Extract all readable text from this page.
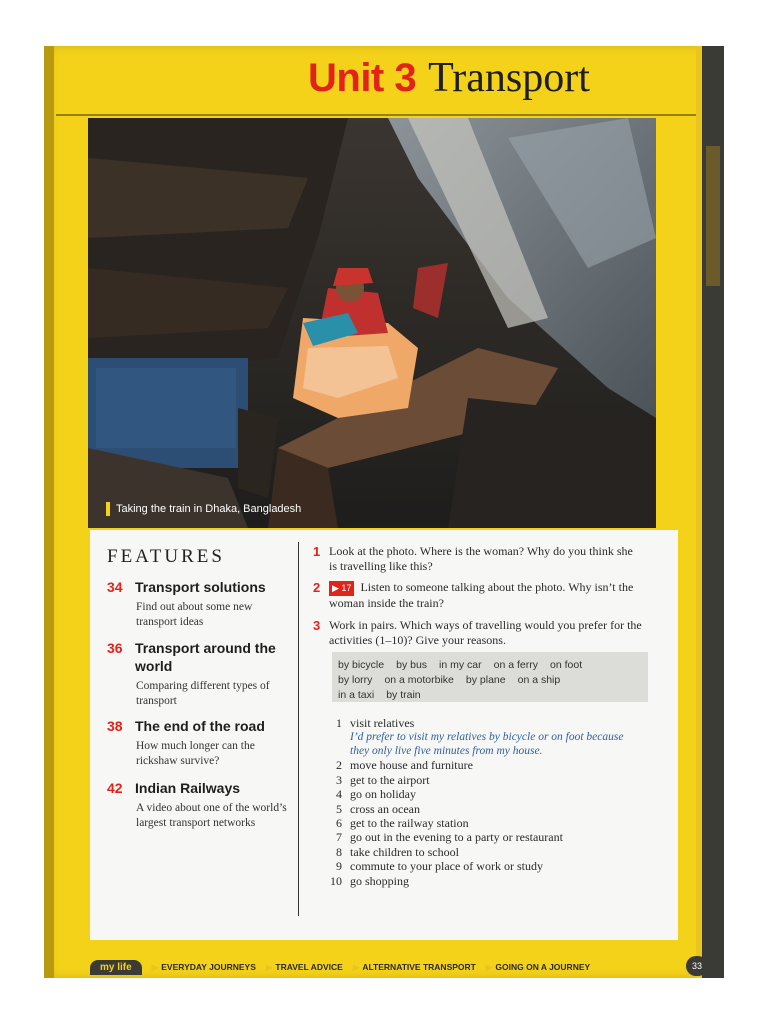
Unit 3 Transport
Taking the train in Dhaka, Bangladesh
FEATURES
34 Transport solutions
Find out about some new transport ideas
36 Transport around the world
Comparing different types of transport
38 The end of the road
How much longer can the rickshaw survive?
42 Indian Railways
A video about one of the world’s largest transport networks
1 Look at the photo. Where is the woman? Why do you think she is travelling like this?
2	▶ 17 Listen to someone talking about the photo. Why isn’t the woman inside the train?
3 Work in pairs. Which ways of travelling would you prefer for the activities (1–10)? Give your reasons.
by bicycle by bus in my car on a ferry on foot
by lorry on a motorbike by plane on a ship
in a taxi by train
1 visit relatives
I’d prefer to visit my relatives by bicycle or on foot because
they only live five minutes from my house.
2 move house and furniture
3 get to the airport
4 go on holiday
5 cross an ocean
6 get to the railway station
7 go out in the evening to a party or restaurant
8 take children to school
9 commute to your place of work or study
10 go shopping
my life	▶ EVERYDAY JOURNEYS ▶ TRAVEL ADVICE ▶ ALTERNATIVE TRANSPORT ▶ GOING ON A JOURNEY	33
